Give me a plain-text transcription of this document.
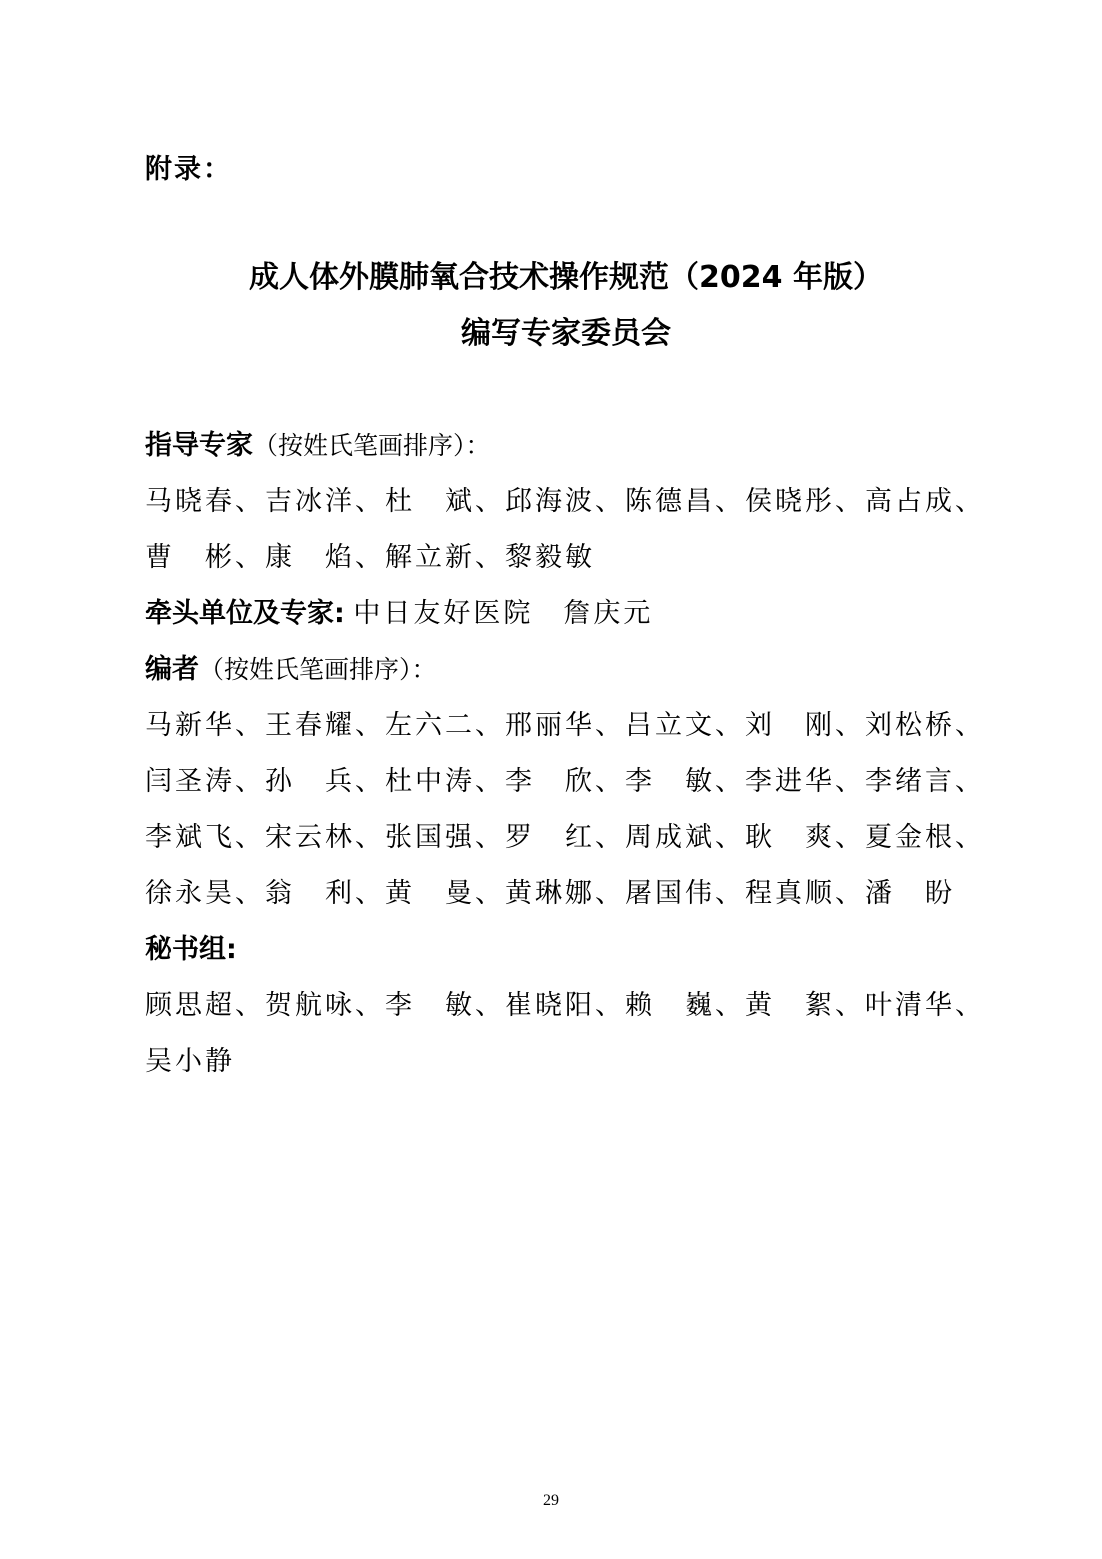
附录：
成人体外膜肺氧合技术操作规范（2024 年版）
编写专家委员会
指导专家（按姓氏笔画排序）：
马晓春、吉冰洋、杜　斌、邱海波、陈德昌、侯晓彤、高占成、
曹　彬、康　焰、解立新、黎毅敏
牵头单位及专家: 中日友好医院　詹庆元
编者（按姓氏笔画排序）：
马新华、王春耀、左六二、邢丽华、吕立文、刘　刚、刘松桥、
闫圣涛、孙　兵、杜中涛、李　欣、李　敏、李进华、李绪言、
李斌飞、宋云林、张国强、罗　红、周成斌、耿　爽、夏金根、
徐永昊、翁　利、黄　曼、黄琳娜、屠国伟、程真顺、潘　盼
秘书组:
顾思超、贺航咏、李　敏、崔晓阳、赖　巍、黄　絮、叶清华、
吴小静
29
